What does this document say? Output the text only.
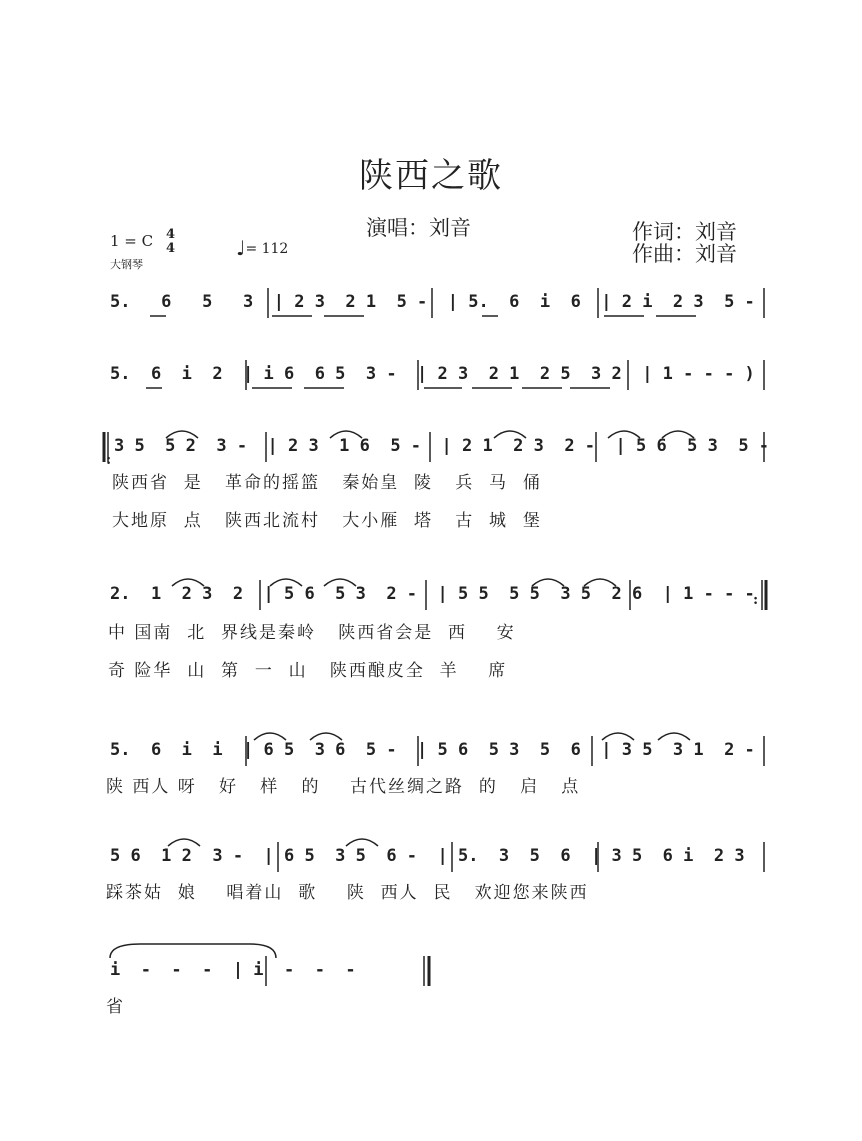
陕西之歌
演唱：刘音	作词：刘音
作曲：刘音
1 = C
大钢琴
4
4	♩= 112
:
:
5.   6   5   3  | 2 3  2 1  5 -  | 5.  6  i  6  | 2 i  2 3  5 -
5.  6  i  2  | i 6  6 5  3 -  | 2 3  2 1  2 5  3 2  | 1 - - - )
3 5  5 2  3 -  | 2 3  1 6  5 -  | 2 1  2 3  2 -  | 5 6  5 3  5 -
陕西省  是   革命的摇篮   秦始皇  陵   兵  马  俑
大地原  点   陕西北流村   大小雁  塔   古  城  堡
2.  1  2 3  2  | 5 6  5 3  2 -  | 5 5  5 5  3 5  2 6  | 1 - - -
中 国南  北  界线是秦岭   陕西省会是  西    安
奇 险华  山  第  一  山   陕西酿皮全  羊    席
5.  6  i  i  | 6 5  3 6  5 -  | 5 6  5 3  5  6  | 3 5  3 1  2 -
陕 西人 呀   好   样   的    古代丝绸之路  的   启   点
5 6  1 2  3 -  | 6 5  3 5  6 -  | 5.  3  5  6  | 3 5  6 i  2 3
踩茶姑  娘    唱着山  歌    陕  西人  民   欢迎您来陕西
i  -  -  -  | i  -  -  -
省
